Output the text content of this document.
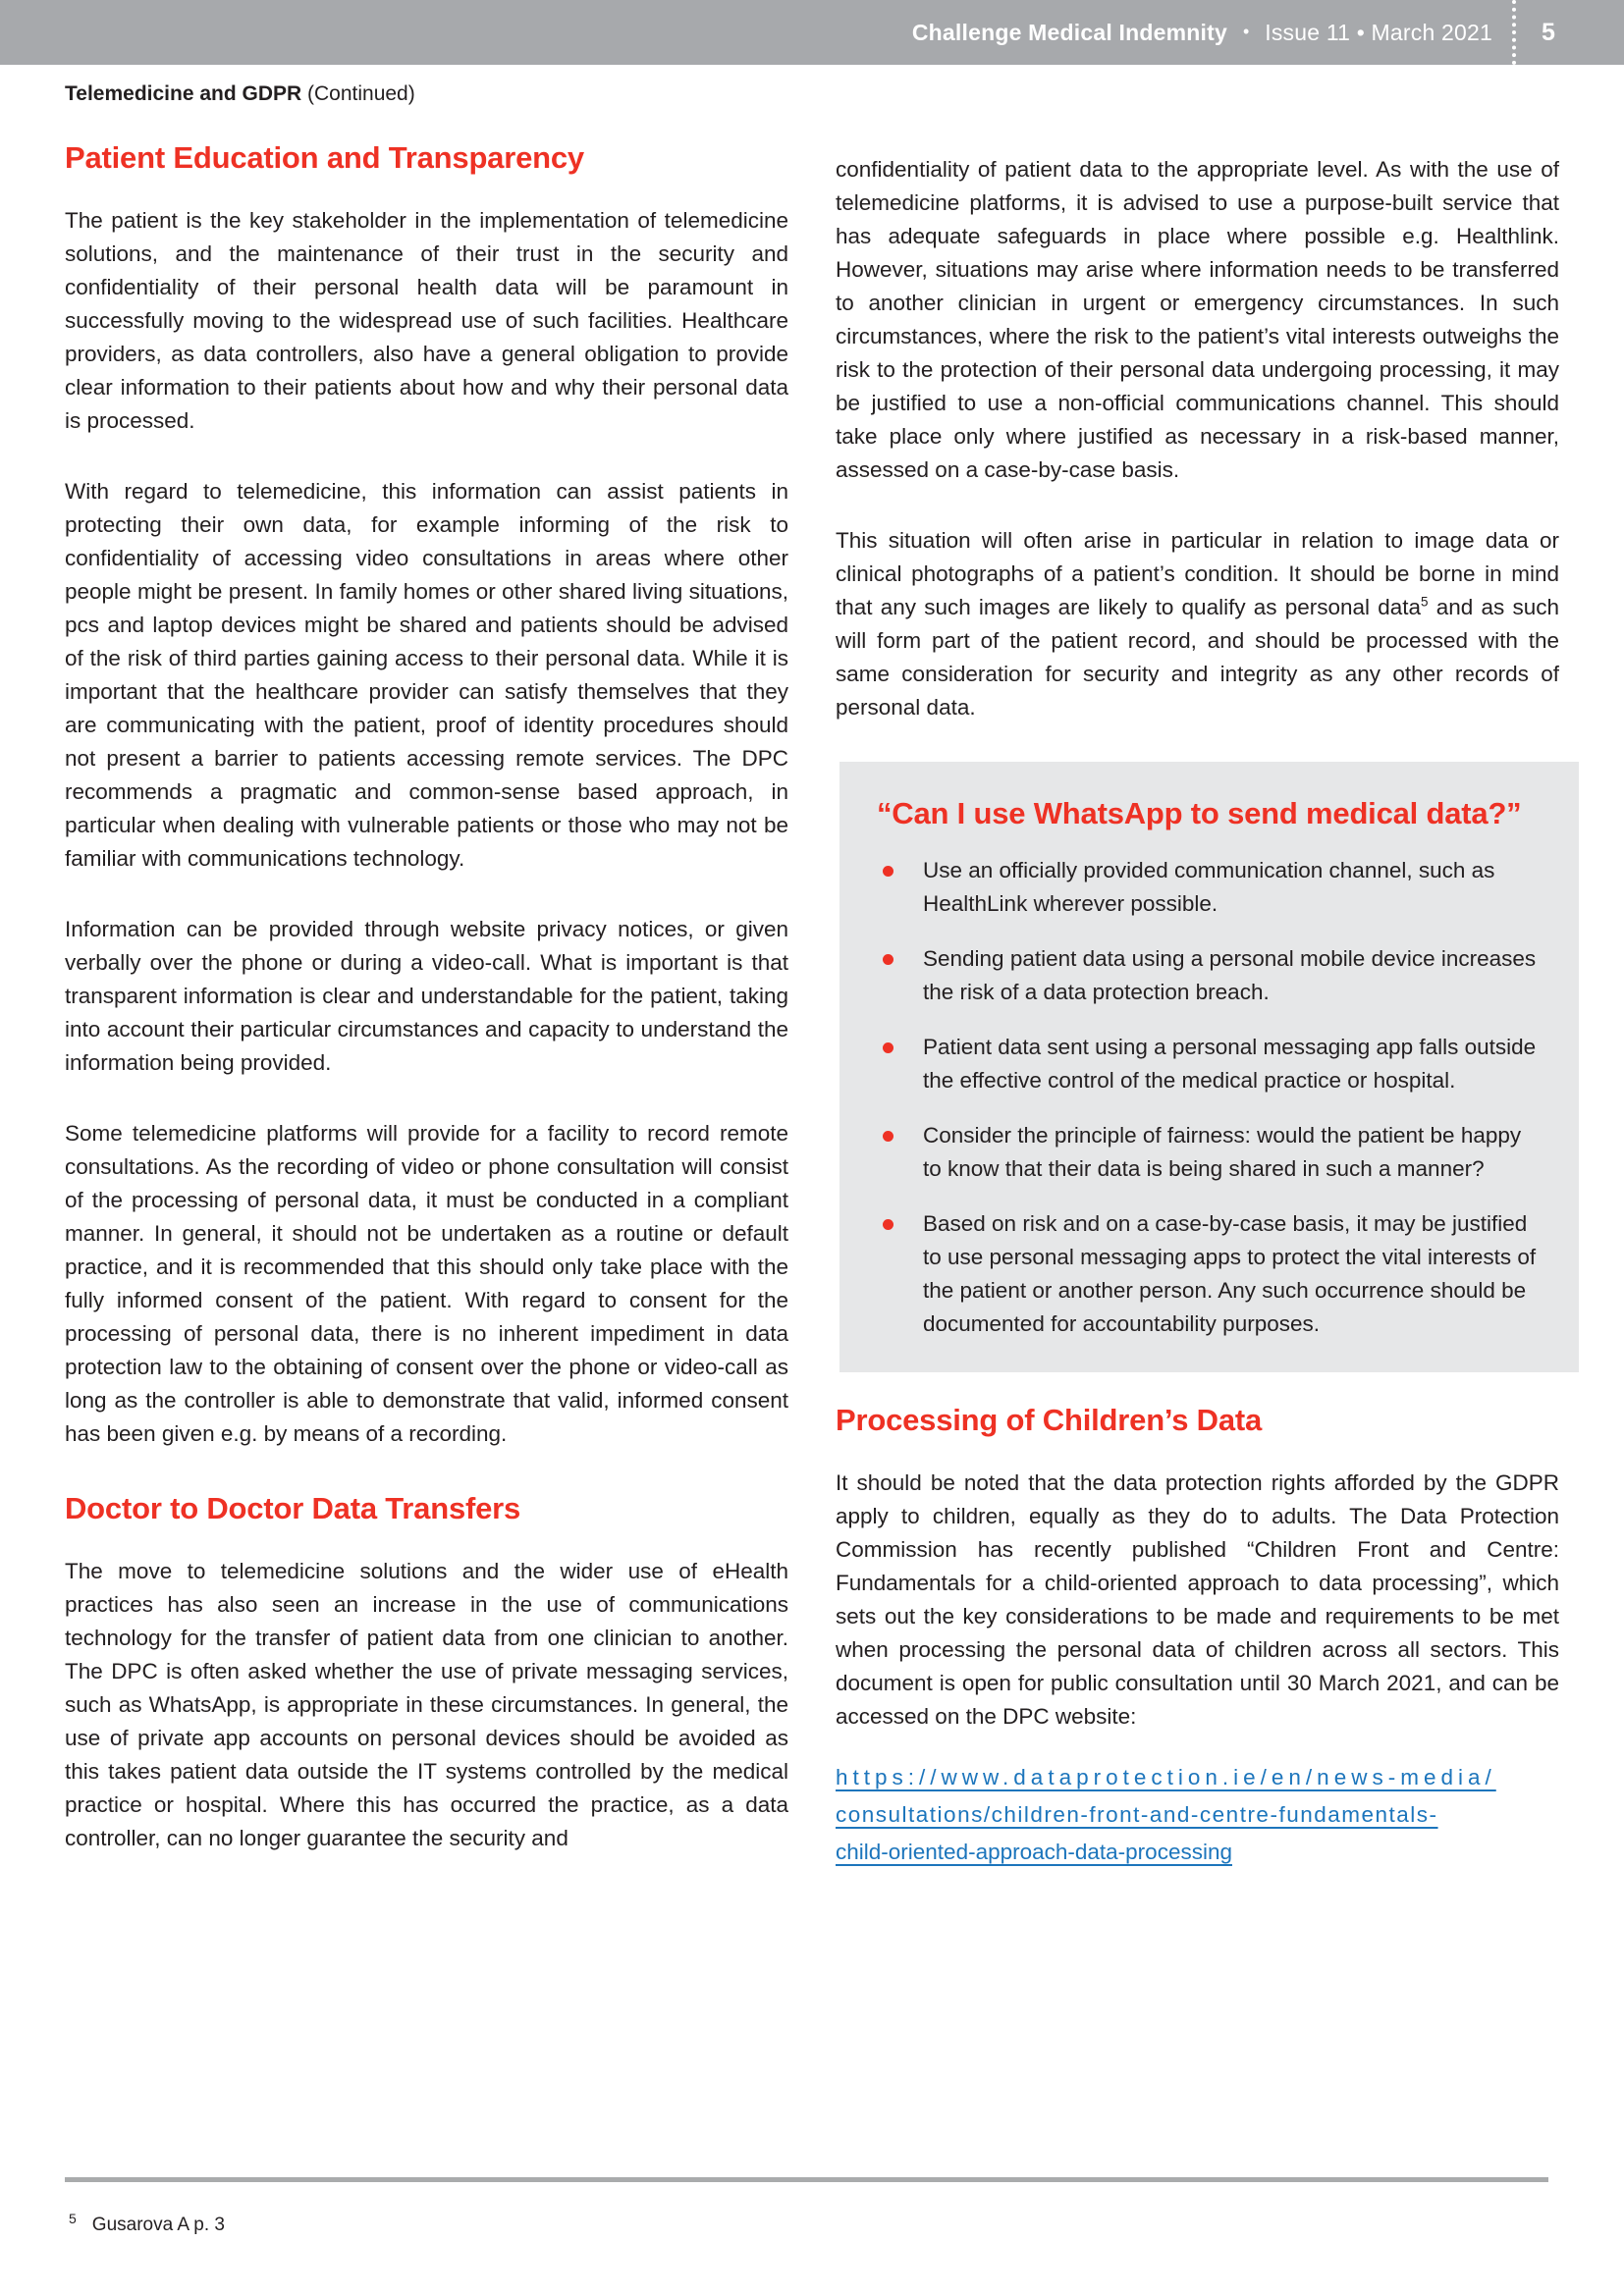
Challenge Medical Indemnity • Issue 11 • March 2021	5
Telemedicine and GDPR (Continued)
Patient Education and Transparency

The patient is the key stakeholder in the implementation of telemedicine solutions, and the maintenance of their trust in the security and confidentiality of their personal health data will be paramount in successfully moving to the widespread use of such facilities. Healthcare providers, as data controllers, also have a general obligation to provide clear information to their patients about how and why their personal data is processed.

With regard to telemedicine, this information can assist patients in protecting their own data, for example informing of the risk to confidentiality of accessing video consultations in areas where other people might be present. In family homes or other shared living situations, pcs and laptop devices might be shared and patients should be advised of the risk of third parties gaining access to their personal data. While it is important that the healthcare provider can satisfy themselves that they are communicating with the patient, proof of identity procedures should not present a barrier to patients accessing remote services. The DPC recommends a pragmatic and common-sense based approach, in particular when dealing with vulnerable patients or those who may not be familiar with communications technology.

Information can be provided through website privacy notices, or given verbally over the phone or during a video-call. What is important is that transparent information is clear and understandable for the patient, taking into account their particular circumstances and capacity to understand the information being provided.

Some telemedicine platforms will provide for a facility to record remote consultations. As the recording of video or phone consultation will consist of the processing of personal data, it must be conducted in a compliant manner. In general, it should not be undertaken as a routine or default practice, and it is recommended that this should only take place with the fully informed consent of the patient. With regard to consent for the processing of personal data, there is no inherent impediment in data protection law to the obtaining of consent over the phone or video-call as long as the controller is able to demonstrate that valid, informed consent has been given e.g. by means of a recording.

Doctor to Doctor Data Transfers

The move to telemedicine solutions and the wider use of eHealth practices has also seen an increase in the use of communications technology for the transfer of patient data from one clinician to another. The DPC is often asked whether the use of private messaging services, such as WhatsApp, is appropriate in these circumstances. In general, the use of private app accounts on personal devices should be avoided as this takes patient data outside the IT systems controlled by the medical practice or hospital. Where this has occurred the practice, as a data controller, can no longer guarantee the security and

confidentiality of patient data to the appropriate level. As with the use of telemedicine platforms, it is advised to use a purpose-built service that has adequate safeguards in place where possible e.g. Healthlink. However, situations may arise where information needs to be transferred to another clinician in urgent or emergency circumstances. In such circumstances, where the risk to the patient’s vital interests outweighs the risk to the protection of their personal data undergoing processing, it may be justified to use a non-official communications channel. This should take place only where justified as necessary in a risk-based manner, assessed on a case-by-case basis.

This situation will often arise in particular in relation to image data or clinical photographs of a patient’s condition. It should be borne in mind that any such images are likely to qualify as personal data$^5$ and as such will form part of the patient record, and should be processed with the same consideration for security and integrity as any other records of personal data.

“Can I use WhatsApp to send medical data?”
Use an officially provided communication channel, such as HealthLink wherever possible.
Sending patient data using a personal mobile device increases the risk of a data protection breach.
Patient data sent using a personal messaging app falls outside the effective control of the medical practice or hospital.
Consider the principle of fairness: would the patient be happy to know that their data is being shared in such a manner?
Based on risk and on a case-by-case basis, it may be justified to use personal messaging apps to protect the vital interests of the patient or another person. Any such occurrence should be documented for accountability purposes.
Processing of Children’s Data

It should be noted that the data protection rights afforded by the GDPR apply to children, equally as they do to adults. The Data Protection Commission has recently published “Children Front and Centre: Fundamentals for a child-oriented approach to data processing”, which sets out the key considerations to be made and requirements to be met when processing the personal data of children across all sectors. This document is open for public consultation until 30 March 2021, and can be accessed on the DPC website:

https://www.dataprotection.ie/en/news-media/
consultations/children-front-and-centre-fundamentals-
child-oriented-approach-data-processing
$^5$ Gusarova A p. 3
